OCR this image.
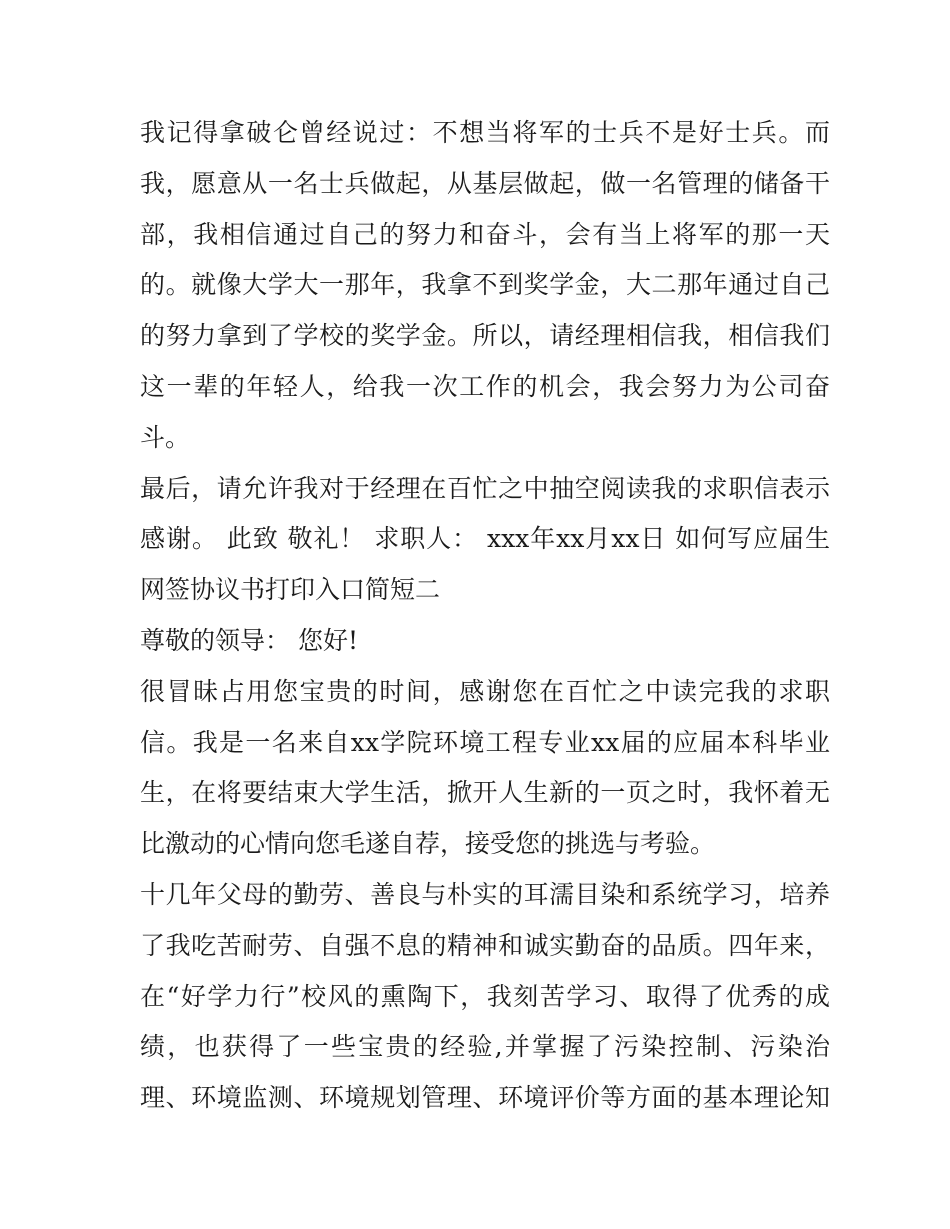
我记得拿破仑曾经说过：不想当将军的士兵不是好士兵。而
我，愿意从一名士兵做起，从基层做起，做一名管理的储备干
部，我相信通过自己的努力和奋斗，会有当上将军的那一天
的。就像大学大一那年，我拿不到奖学金，大二那年通过自己
的努力拿到了学校的奖学金。所以，请经理相信我，相信我们
这一辈的年轻人，给我一次工作的机会，我会努力为公司奋
斗。
最后，请允许我对于经理在百忙之中抽空阅读我的求职信表示
感谢。 此致 敬礼！ 求职人： xxx年xx月xx日 如何写应届生
网签协议书打印入口简短二
尊敬的领导： 您好!
很冒昧占用您宝贵的时间，感谢您在百忙之中读完我的求职
信。我是一名来自xx学院环境工程专业xx届的应届本科毕业
生，在将要结束大学生活，掀开人生新的一页之时，我怀着无
比激动的心情向您毛遂自荐，接受您的挑选与考验。
十几年父母的勤劳、善良与朴实的耳濡目染和系统学习，培养
了我吃苦耐劳、自强不息的精神和诚实勤奋的品质。四年来，
在“好学力行”校风的熏陶下，我刻苦学习、取得了优秀的成
绩，也获得了一些宝贵的经验,并掌握了污染控制、污染治
理、环境监测、环境规划管理、环境评价等方面的基本理论知
